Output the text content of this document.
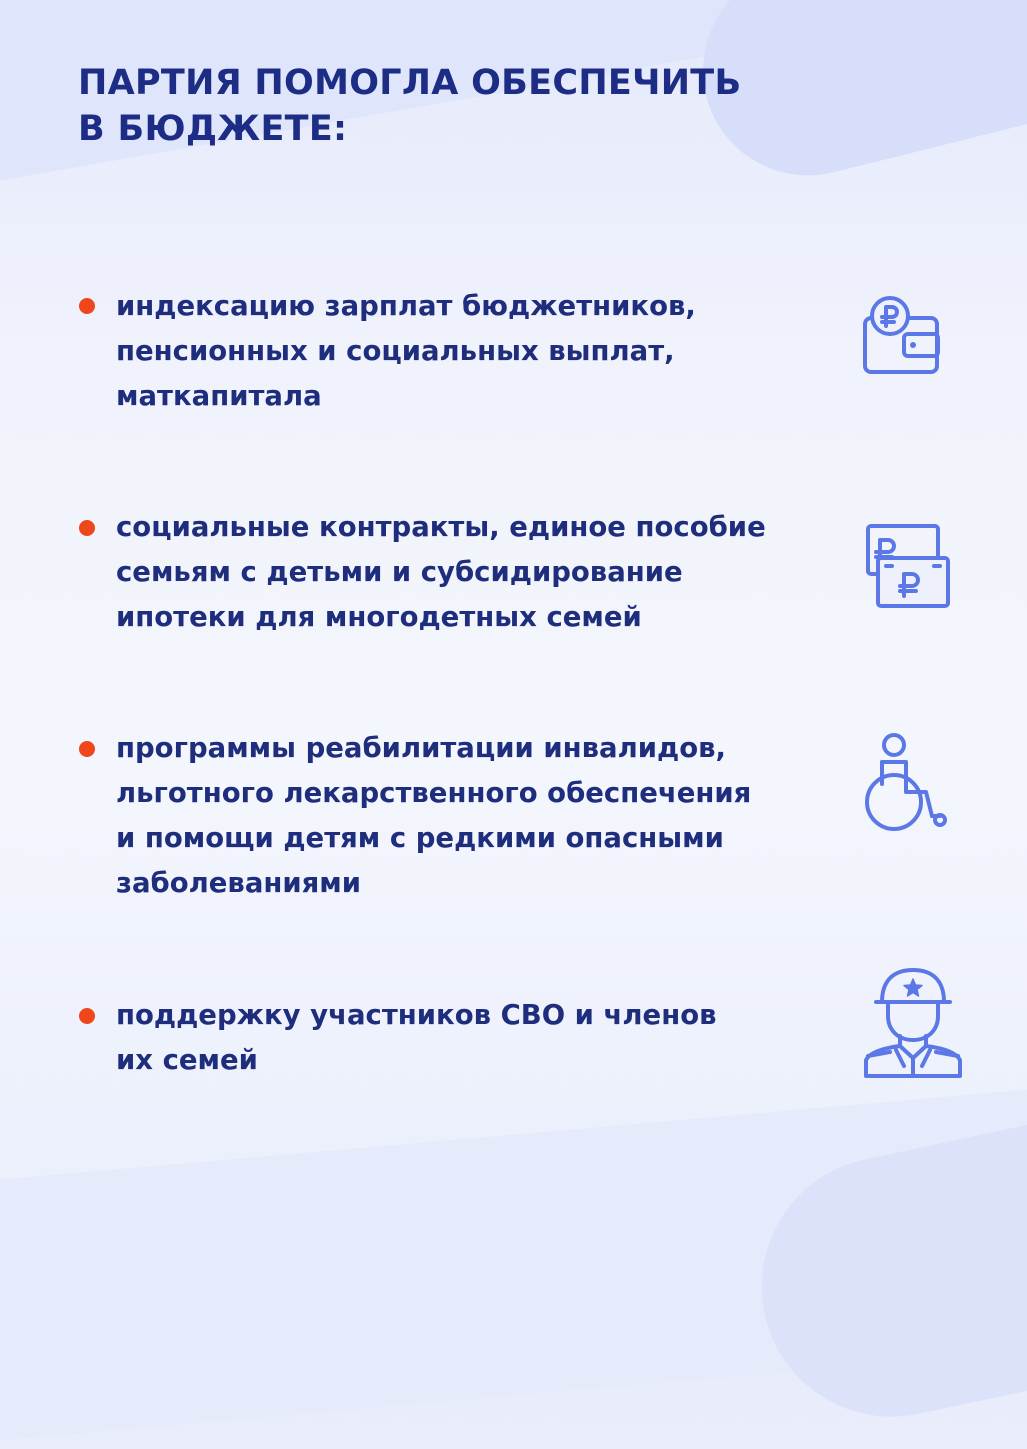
ПАРТИЯ ПОМОГЛА ОБЕСПЕЧИТЬ
В БЮДЖЕТЕ:

индексацию зарплат бюджетников,
пенсионных и социальных выплат,
маткапитала

социальные контракты, единое пособие
семьям с детьми и субсидирование
ипотеки для многодетных семей

программы реабилитации инвалидов,
льготного лекарственного обеспечения
и помощи детям с редкими опасными
заболеваниями

поддержку участников СВО и членов
их семей
